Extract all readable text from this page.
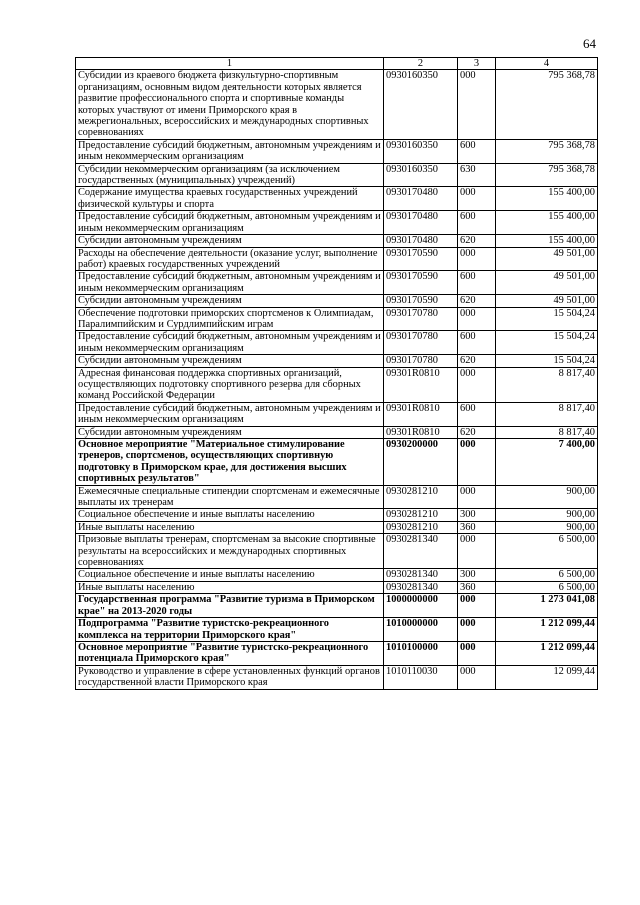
64
1	2	3	4
Субсидии из краевого бюджета физкультурно-спортивным организациям, основным видом деятельности которых является развитие профессионального спорта и спортивные команды которых участвуют от имени Приморского края в межрегиональных, всероссийских и международных спортивных соревнованиях	0930160350	000	795 368,78
Предоставление субсидий бюджетным, автономным учреждениям и иным некоммерческим организациям	0930160350	600	795 368,78
Субсидии некоммерческим организациям (за исключением государственных (муниципальных) учреждений)	0930160350	630	795 368,78
Содержание имущества краевых государственных учреждений физической культуры и спорта	0930170480	000	155 400,00
Предоставление субсидий бюджетным, автономным учреждениям и иным некоммерческим организациям	0930170480	600	155 400,00
Субсидии автономным учреждениям	0930170480	620	155 400,00
Расходы на обеспечение деятельности (оказание услуг, выполнение работ) краевых государственных учреждений	0930170590	000	49 501,00
Предоставление субсидий бюджетным, автономным учреждениям и иным некоммерческим организациям	0930170590	600	49 501,00
Субсидии автономным учреждениям	0930170590	620	49 501,00
Обеспечение подготовки приморских спортсменов к Олимпиадам, Паралимпийским и Сурдлимпийским играм	0930170780	000	15 504,24
Предоставление субсидий бюджетным, автономным учреждениям и иным некоммерческим организациям	0930170780	600	15 504,24
Субсидии автономным учреждениям	0930170780	620	15 504,24
Адресная финансовая поддержка спортивных организаций, осуществляющих подготовку спортивного резерва для сборных команд Российской Федерации	09301R0810	000	8 817,40
Предоставление субсидий бюджетным, автономным учреждениям и иным некоммерческим организациям	09301R0810	600	8 817,40
Субсидии автономным учреждениям	09301R0810	620	8 817,40
Основное мероприятие "Материальное стимулирование тренеров, спортсменов, осуществляющих спортивную подготовку в Приморском крае, для достижения высших спортивных результатов"	0930200000	000	7 400,00
Ежемесячные специальные стипендии спортсменам и ежемесячные выплаты их тренерам	0930281210	000	900,00
Социальное обеспечение и иные выплаты населению	0930281210	300	900,00
Иные выплаты населению	0930281210	360	900,00
Призовые выплаты тренерам, спортсменам за высокие спортивные результаты на всероссийских и международных спортивных соревнованиях	0930281340	000	6 500,00
Социальное обеспечение и иные выплаты населению	0930281340	300	6 500,00
Иные выплаты населению	0930281340	360	6 500,00
Государственная программа "Развитие туризма в Приморском крае" на 2013-2020 годы	1000000000	000	1 273 041,08
Подпрограмма "Развитие туристско-рекреационного комплекса на территории Приморского края"	1010000000	000	1 212 099,44
Основное мероприятие "Развитие туристско-рекреационного потенциала Приморского края"	1010100000	000	1 212 099,44
Руководство и управление в сфере установленных функций органов государственной власти Приморского края	1010110030	000	12 099,44
